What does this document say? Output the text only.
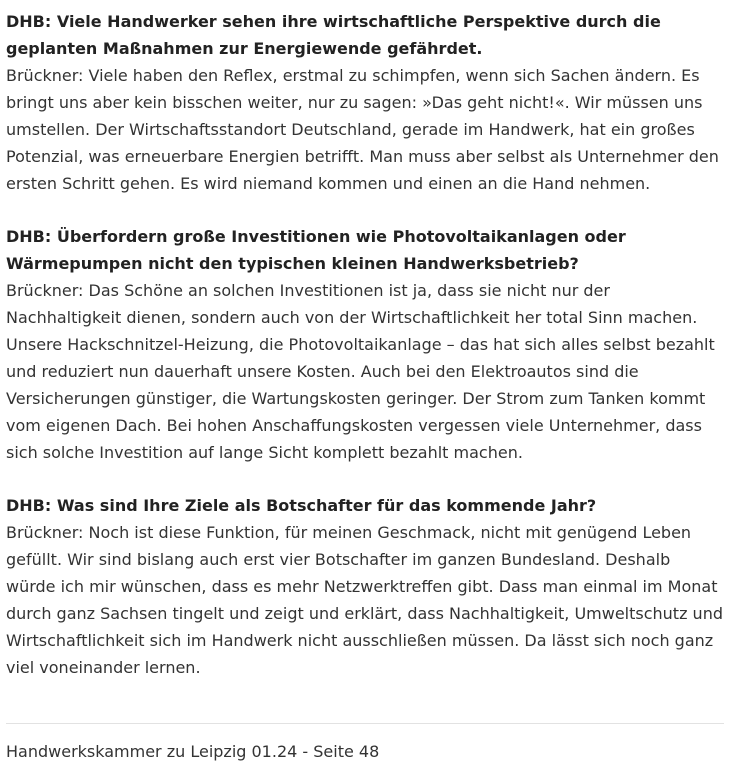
DHB: Viele Handwerker sehen ihre wirtschaftliche Perspektive durch die geplanten Maßnahmen zur Energiewende gefährdet.

Brückner: Viele haben den Reflex, erstmal zu schimpfen, wenn sich Sachen ändern. Es bringt uns aber kein bisschen weiter, nur zu sagen: »Das geht nicht!«. Wir müssen uns umstellen. Der Wirtschaftsstandort Deutschland, gerade im Handwerk, hat ein großes Potenzial, was erneuerbare Energien betrifft. Man muss aber selbst als Unternehmer den ersten Schritt gehen. Es wird niemand kommen und einen an die Hand nehmen.

DHB: Überfordern große Investitionen wie Photovoltaikanlagen oder Wärmepumpen nicht den typischen kleinen Handwerksbetrieb?

Brückner: Das Schöne an solchen Investitionen ist ja, dass sie nicht nur der Nachhaltigkeit dienen, sondern auch von der Wirtschaftlichkeit her total Sinn machen. Unsere Hackschnitzel-Heizung, die Photovoltaikanlage – das hat sich alles selbst bezahlt und reduziert nun dauerhaft unsere Kosten. Auch bei den Elektroautos sind die Versicherungen günstiger, die Wartungskosten geringer. Der Strom zum Tanken kommt vom eigenen Dach. Bei hohen Anschaffungskosten vergessen viele Unternehmer, dass sich solche Investition auf lange Sicht komplett bezahlt machen.

DHB: Was sind Ihre Ziele als Botschafter für das kommende Jahr?

Brückner: Noch ist diese Funktion, für meinen Geschmack, nicht mit genügend Leben gefüllt. Wir sind bislang auch erst vier Botschafter im ganzen Bundesland. Deshalb würde ich mir wünschen, dass es mehr Netzwerktreffen gibt. Dass man einmal im Monat durch ganz Sachsen tingelt und zeigt und erklärt, dass Nachhaltigkeit, Umweltschutz und Wirtschaftlichkeit sich im Handwerk nicht ausschließen müssen. Da lässt sich noch ganz viel voneinander lernen.

Handwerkskammer zu Leipzig 01.24 - Seite 48
